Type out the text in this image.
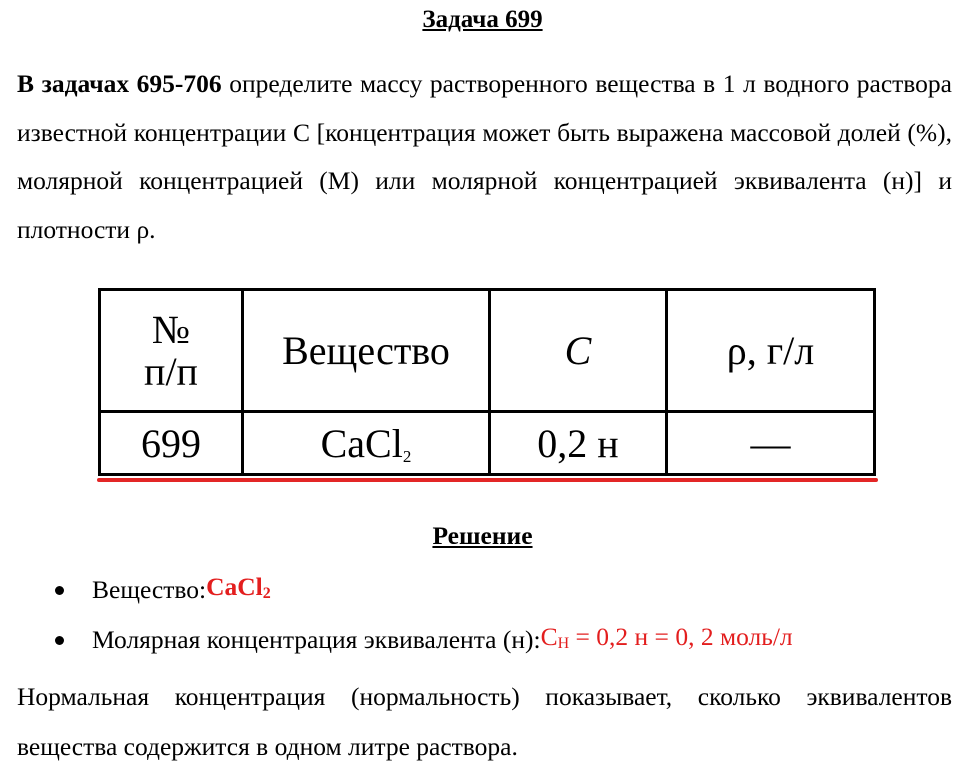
Задача 699
В задачах 695-706 определите массу растворенного вещества в 1 л водного раствора известной концентрации С [концентрация может быть выражена массовой долей (%), молярной концентрацией (М) или молярной концентрацией эквивалента (н)] и плотности ρ.
№
п/п	Вещество	C	ρ, г/л
699	CaCl$_2$	0,2 н	—
Решение
Вещество: CaCl2
Молярная концентрация эквивалента (н): CН = 0,2 н = 0, 2 моль/л
Нормальная концентрация (нормальность) показывает, сколько эквивалентов вещества содержится в одном литре раствора.
